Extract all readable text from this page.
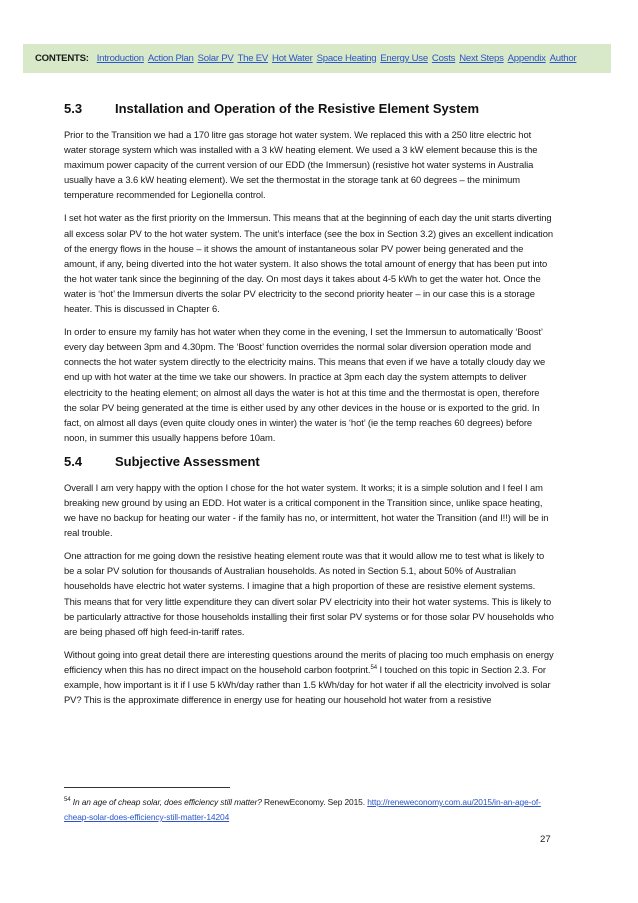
CONTENTS: Introduction Action Plan Solar PV The EV Hot Water Space Heating Energy Use Costs Next Steps Appendix Author
5.3	Installation and Operation of the Resistive Element System

Prior to the Transition we had a 170 litre gas storage hot water system. We replaced this with a 250 litre electric hot water storage system which was installed with a 3 kW heating element. We used a 3 kW element because this is the maximum power capacity of the current version of our EDD (the Immersun) (resistive hot water systems in Australia usually have a 3.6 kW heating element). We set the thermostat in the storage tank at 60 degrees – the minimum temperature recommended for Legionella control.

I set hot water as the first priority on the Immersun. This means that at the beginning of each day the unit starts diverting all excess solar PV to the hot water system. The unit’s interface (see the box in Section 3.2) gives an excellent indication of the energy flows in the house – it shows the amount of instantaneous solar PV power being generated and the amount, if any, being diverted into the hot water system. It also shows the total amount of energy that has been put into the hot water tank since the beginning of the day. On most days it takes about 4-5 kWh to get the water hot. Once the water is ‘hot’ the Immersun diverts the solar PV electricity to the second priority heater – in our case this is a storage heater. This is discussed in Chapter 6.

In order to ensure my family has hot water when they come in the evening, I set the Immersun to automatically ‘Boost’ every day between 3pm and 4.30pm. The ‘Boost’ function overrides the normal solar diversion operation mode and connects the hot water system directly to the electricity mains. This means that even if we have a totally cloudy day we end up with hot water at the time we take our showers. In practice at 3pm each day the system attempts to deliver electricity to the heating element; on almost all days the water is hot at this time and the thermostat is open, therefore the solar PV being generated at the time is either used by any other devices in the house or is exported to the grid. In fact, on almost all days (even quite cloudy ones in winter) the water is ‘hot’ (ie the temp reaches 60 degrees) before noon, in summer this usually happens before 10am.

5.4	Subjective Assessment

Overall I am very happy with the option I chose for the hot water system. It works; it is a simple solution and I feel I am breaking new ground by using an EDD. Hot water is a critical component in the Transition since, unlike space heating, we have no backup for heating our water - if the family has no, or intermittent, hot water the Transition (and I!!) will be in real trouble.

One attraction for me going down the resistive heating element route was that it would allow me to test what is likely to be a solar PV solution for thousands of Australian households. As noted in Section 5.1, about 50% of Australian households have electric hot water systems. I imagine that a high proportion of these are resistive element systems. This means that for very little expenditure they can divert solar PV electricity into their hot water systems. This is likely to be particularly attractive for those households installing their first solar PV systems or for those solar PV households who are being phased off high feed-in-tariff rates.

Without going into great detail there are interesting questions around the merits of placing too much emphasis on energy efficiency when this has no direct impact on the household carbon footprint.$^{54}$ I touched on this topic in Section 2.3. For example, how important is it if I use 5 kWh/day rather than 1.5 kWh/day for hot water if all the electricity involved is solar PV? This is the approximate difference in energy use for heating our household hot water from a resistive

$^{54}$ In an age of cheap solar, does efficiency still matter? RenewEconomy. Sep 2015. http://reneweconomy.com.au/2015/in-an-age-of-cheap-solar-does-efficiency-still-matter-14204
27
